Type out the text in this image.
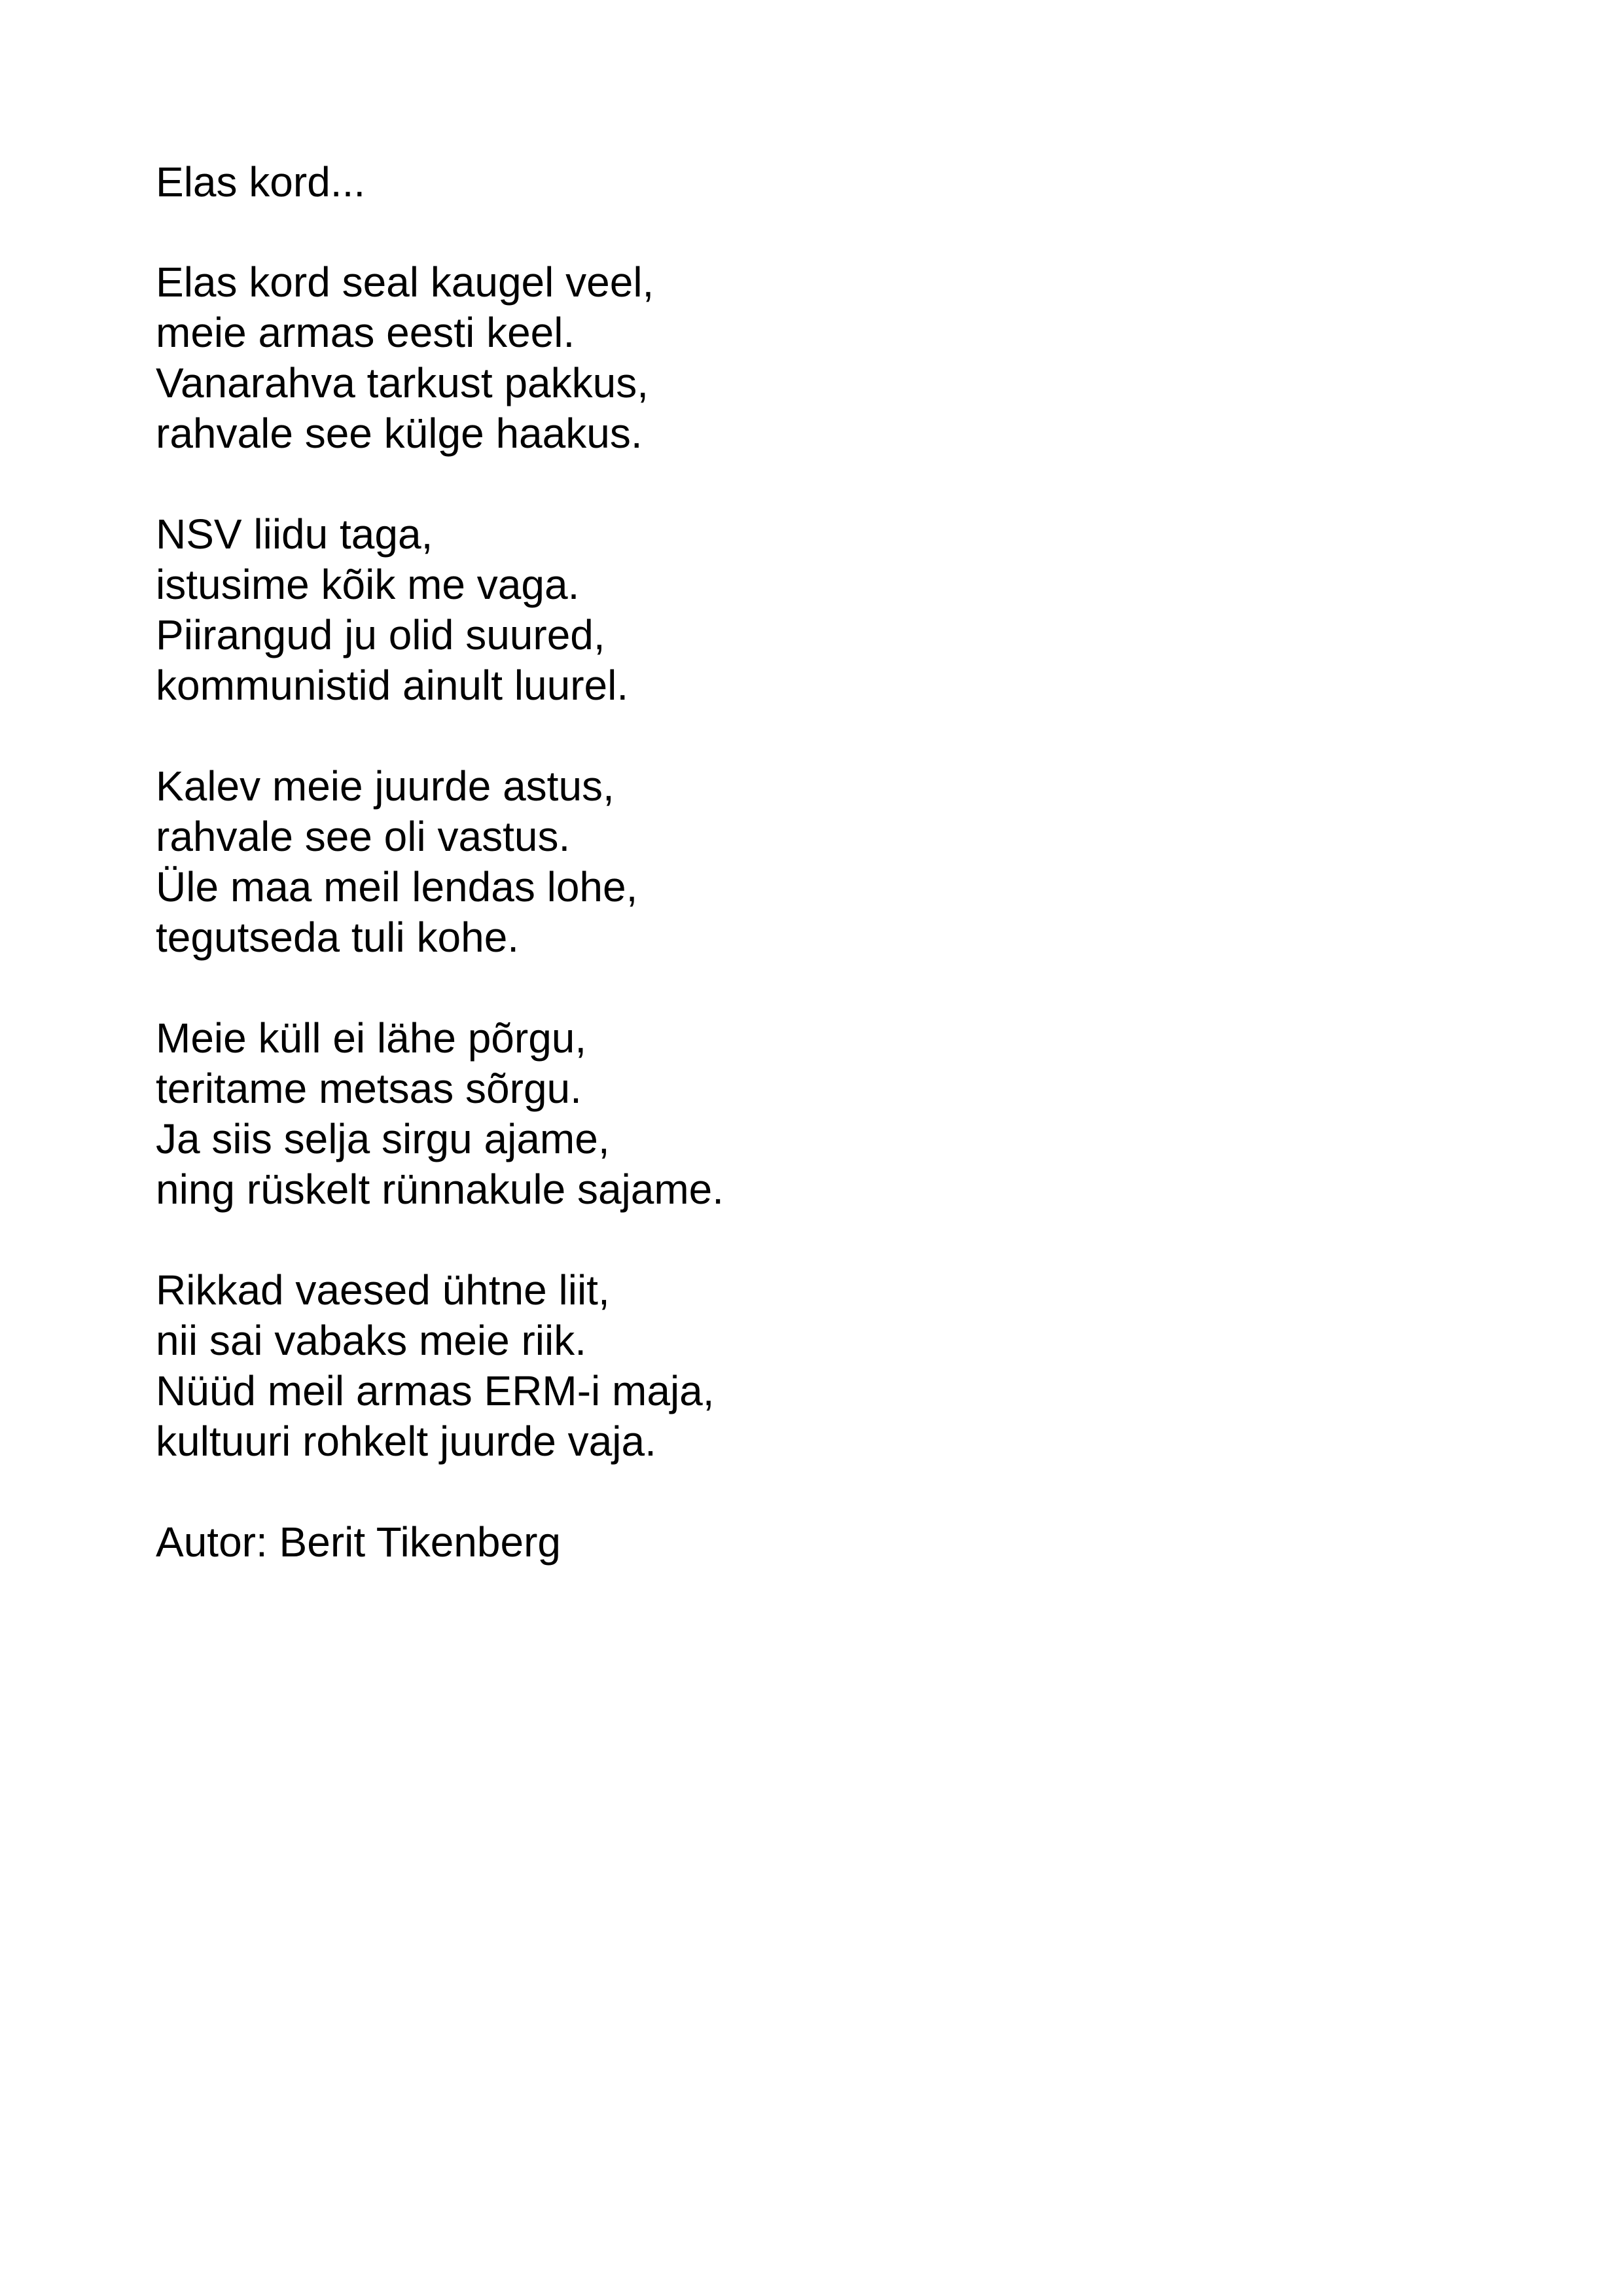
Elas kord...
Elas kord seal kaugel veel,
meie armas eesti keel.
Vanarahva tarkust pakkus,
rahvale see külge haakus.
NSV liidu taga,
istusime kõik me vaga.
Piirangud ju olid suured,
kommunistid ainult luurel.
Kalev meie juurde astus,
rahvale see oli vastus.
Üle maa meil lendas lohe,
tegutseda tuli kohe.
Meie küll ei lähe põrgu,
teritame metsas sõrgu.
Ja siis selja sirgu ajame,
ning rüskelt rünnakule sajame.
Rikkad vaesed ühtne liit,
nii sai vabaks meie riik.
Nüüd meil armas ERM-i maja,
kultuuri rohkelt juurde vaja.
Autor: Berit Tikenberg
